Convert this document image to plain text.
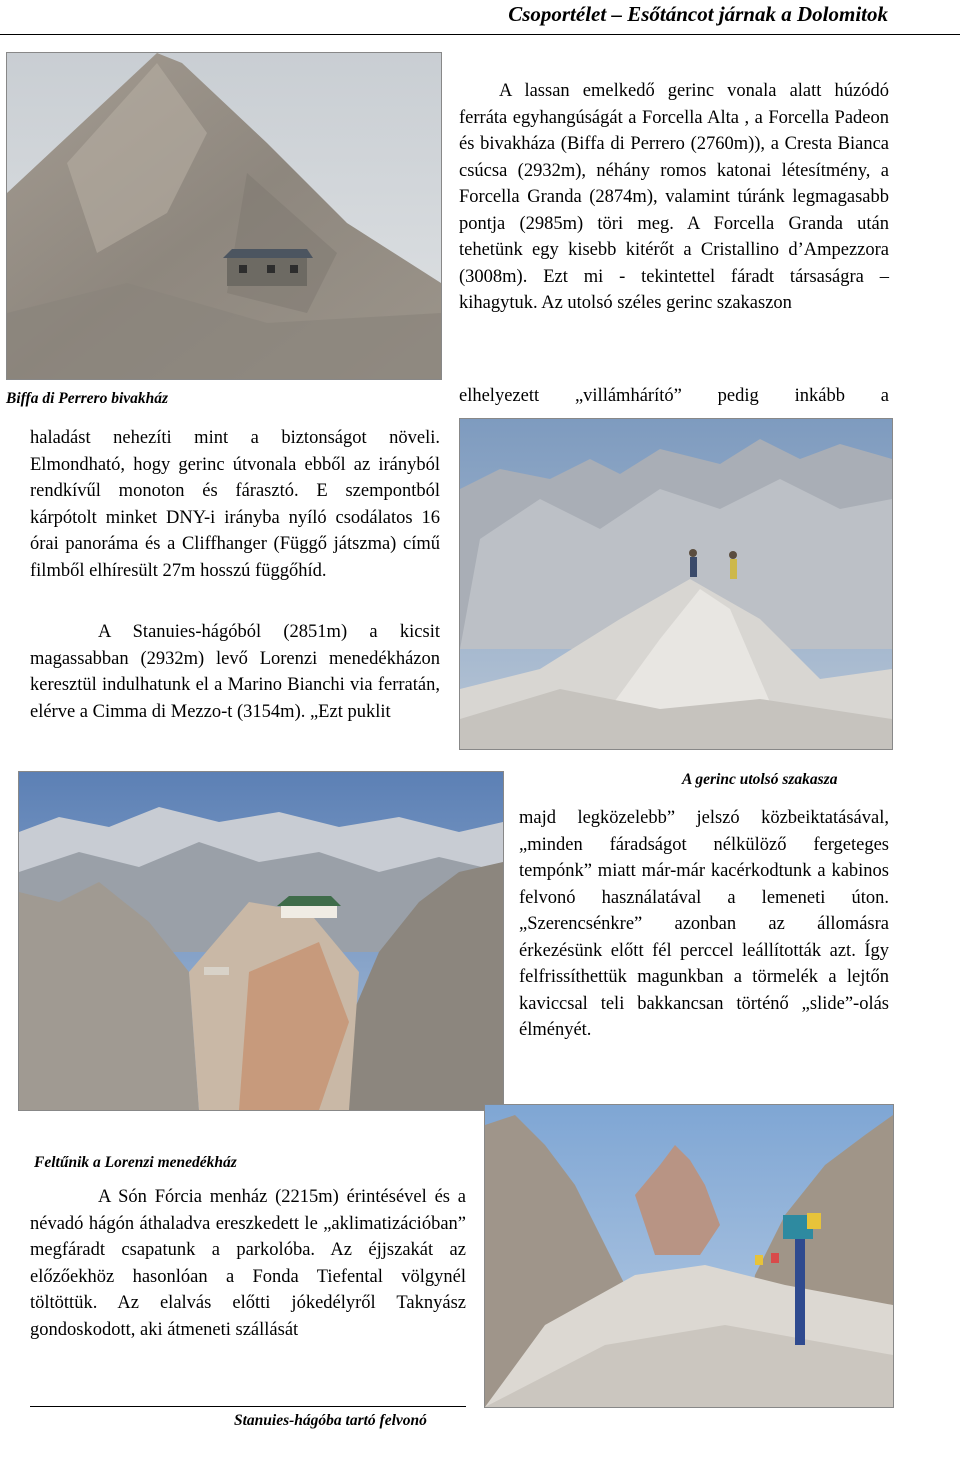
Csoportélet – Esőtáncot járnak a Dolomitok
Biffa di Perrero bivakház

A lassan emelkedő gerinc vonala alatt húzódó ferráta egyhangúságát a Forcella Alta , a Forcella Padeon és bivakháza (Biffa di Perrero (2760m)), a Cresta Bianca csúcsa (2932m), néhány romos katonai létesítmény, a Forcella Granda (2874m), valamint túránk legmagasabb pontja (2985m) töri meg. A Forcella Granda után tehetünk egy kisebb kitérőt a Cristallino d’Ampezzora (3008m). Ezt mi - tekintettel fáradt társaságra – kihagytuk. Az utolsó széles gerinc szakaszon

elhelyezett „villámhárító” pedig inkább a

haladást nehezíti mint a biztonságot növeli. Elmondható, hogy gerinc útvonala ebből az irányból rendkívűl monoton és fárasztó. E szempontból kárpótolt minket DNY-i irányba nyíló csodálatos 16 órai panoráma és a Cliffhanger (Függő játszma) című filmből elhíresült 27m hosszú függőhíd.

A Stanuies-hágóból (2851m) a kicsit magassabban (2932m) levő Lorenzi menedékházon keresztül indulhatunk el a Marino Bianchi via ferratán, elérve a Cimma di Mezzo-t (3154m). „Ezt puklit

A gerinc utolsó szakasza

majd legközelebb” jelszó közbeiktatásával, „minden fáradságot nélkülöző fergeteges tempónk” miatt már-már kacérkodtunk a kabinos felvonó használatával a lemeneti úton. „Szerencsénkre” azonban az állomásra érkezésünk előtt fél perccel leállították azt. Így felfrissíthettük magunkban a törmelék a lejtőn kaviccsal teli bakkancsan történő „slide”-olás élményét.

Feltűnik a Lorenzi menedékház

A Són Fórcia menház (2215m) érintésével és a névadó hágón áthaladva ereszkedett le „aklimatizációban” megfáradt csapatunk a parkolóba. Az éjjszakát az előzőekhöz hasonlóan a Fonda Tiefental völgynél töltöttük. Az elalvás előtti jókedélyről Taknyász gondoskodott, aki átmeneti szállását

Stanuies-hágóba tartó felvonó
